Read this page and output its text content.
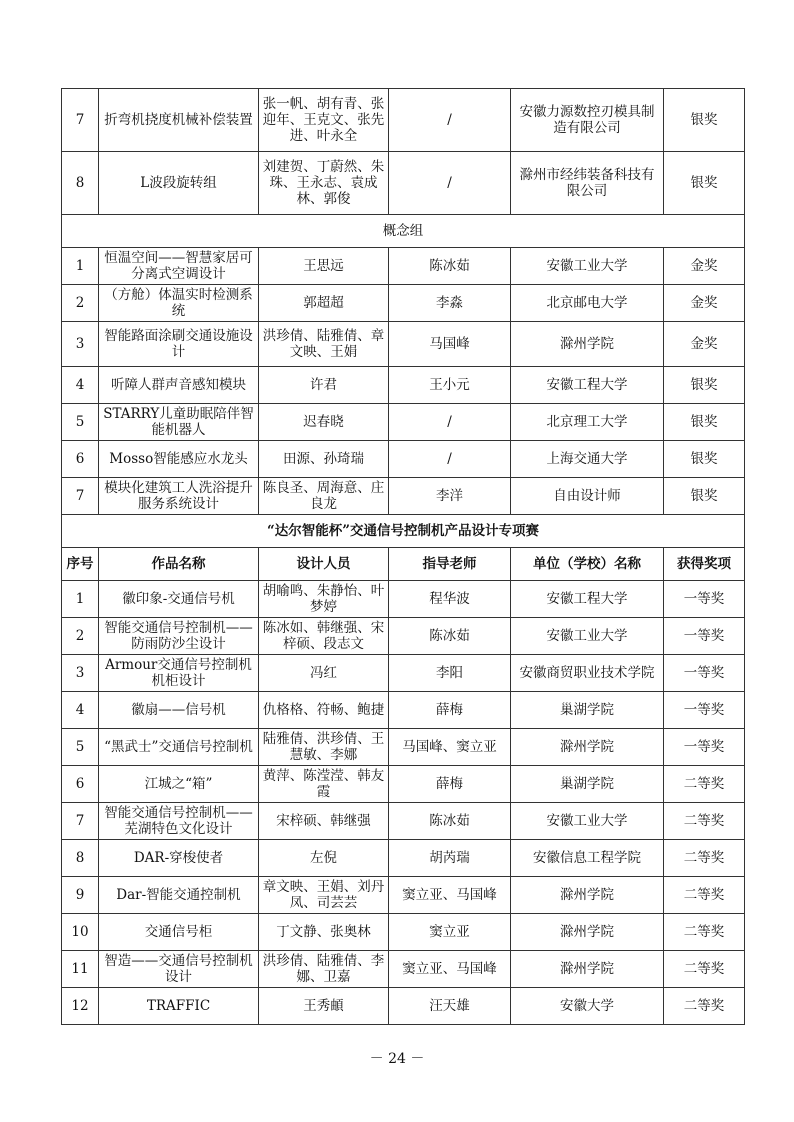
7	折弯机挠度机械补偿装置	张一帆、胡有青、张迎年、王克文、张先进、叶永全	/	安徽力源数控刃模具制造有限公司	银奖
8	L波段旋转组	刘建贺、丁蔚然、朱珠、王永志、袁成林、郭俊	/	滁州市经纬装备科技有限公司	银奖
概念组					
1	恒温空间——智慧家居可分离式空调设计	王思远	陈冰茹	安徽工业大学	金奖
2	（方舱）体温实时检测系统	郭超超	李淼	北京邮电大学	金奖
3	智能路面涂刷交通设施设计	洪珍倩、陆雅倩、章文映、王娟	马国峰	滁州学院	金奖
4	听障人群声音感知模块	许君	王小元	安徽工程大学	银奖
5	STARRY儿童助眠陪伴智能机器人	迟春晓	/	北京理工大学	银奖
6	Mosso智能感应水龙头	田源、孙琦瑞	/	上海交通大学	银奖
7	模块化建筑工人洗浴提升服务系统设计	陈良圣、周海意、庄良龙	李洋	自由设计师	银奖
“达尔智能杯”交通信号控制机产品设计专项赛					
序号	作品名称	设计人员	指导老师	单位（学校）名称	获得奖项
1	徽印象-交通信号机	胡喻鸣、朱静怡、叶梦婷	程华波	安徽工程大学	一等奖
2	智能交通信号控制机——防雨防沙尘设计	陈冰如、韩继强、宋梓硕、段志文	陈冰茹	安徽工业大学	一等奖
3	Armour交通信号控制机机柜设计	冯红	李阳	安徽商贸职业技术学院	一等奖
4	徽扇——信号机	仇格格、符畅、鲍捷	薛梅	巢湖学院	一等奖
5	“黑武士”交通信号控制机	陆雅倩、洪珍倩、王慧敏、李娜	马国峰、窦立亚	滁州学院	一等奖
6	江城之“箱”	黄萍、陈滢滢、韩友霞	薛梅	巢湖学院	二等奖
7	智能交通信号控制机——芜湖特色文化设计	宋梓硕、韩继强	陈冰茹	安徽工业大学	二等奖
8	DAR-穿梭使者	左倪	胡芮瑞	安徽信息工程学院	二等奖
9	Dar-智能交通控制机	章文映、王娟、刘丹凤、司芸芸	窦立亚、马国峰	滁州学院	二等奖
10	交通信号柜	丁文静、张奥林	窦立亚	滁州学院	二等奖
11	智造——交通信号控制机设计	洪珍倩、陆雅倩、李娜、卫嘉	窦立亚、马国峰	滁州学院	二等奖
12	TRAFFIC	王秀頔	汪天雄	安徽大学	二等奖
－ 24 －
